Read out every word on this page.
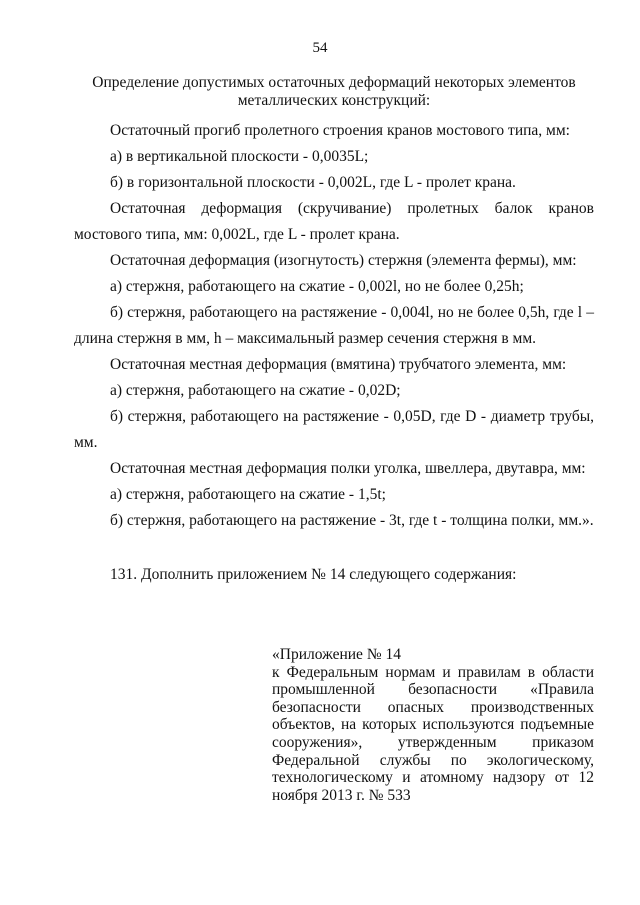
54
Определение допустимых остаточных деформаций некоторых элементов
металлических конструкций:

Остаточный прогиб пролетного строения кранов мостового типа, мм:

а) в вертикальной плоскости - 0,0035L;

б) в горизонтальной плоскости - 0,002L, где L - пролет крана.

Остаточная деформация (скручивание) пролетных балок кранов мостового типа, мм: 0,002L, где L - пролет крана.

Остаточная деформация (изогнутость) стержня (элемента фермы), мм:

а) стержня, работающего на сжатие - 0,002l, но не более 0,25h;

б) стержня, работающего на растяжение - 0,004l, но не более 0,5h, где l – длина стержня в мм, h – максимальный размер сечения стержня в мм.

Остаточная местная деформация (вмятина) трубчатого элемента, мм:

а) стержня, работающего на сжатие - 0,02D;

б) стержня, работающего на растяжение - 0,05D, где D - диаметр трубы, мм.

Остаточная местная деформация полки уголка, швеллера, двутавра, мм:

а) стержня, работающего на сжатие - 1,5t;

б) стержня, работающего на растяжение - 3t, где t - толщина полки, мм.».

131. Дополнить приложением № 14 следующего содержания:

«Приложение № 14

к Федеральным нормам и правилам в области промышленной безопасности «Правила безопасности опасных производственных объектов, на которых используются подъемные сооружения», утвержденным приказом Федеральной службы по экологическому, технологическому и атомному надзору от 12 ноября 2013 г. № 533
